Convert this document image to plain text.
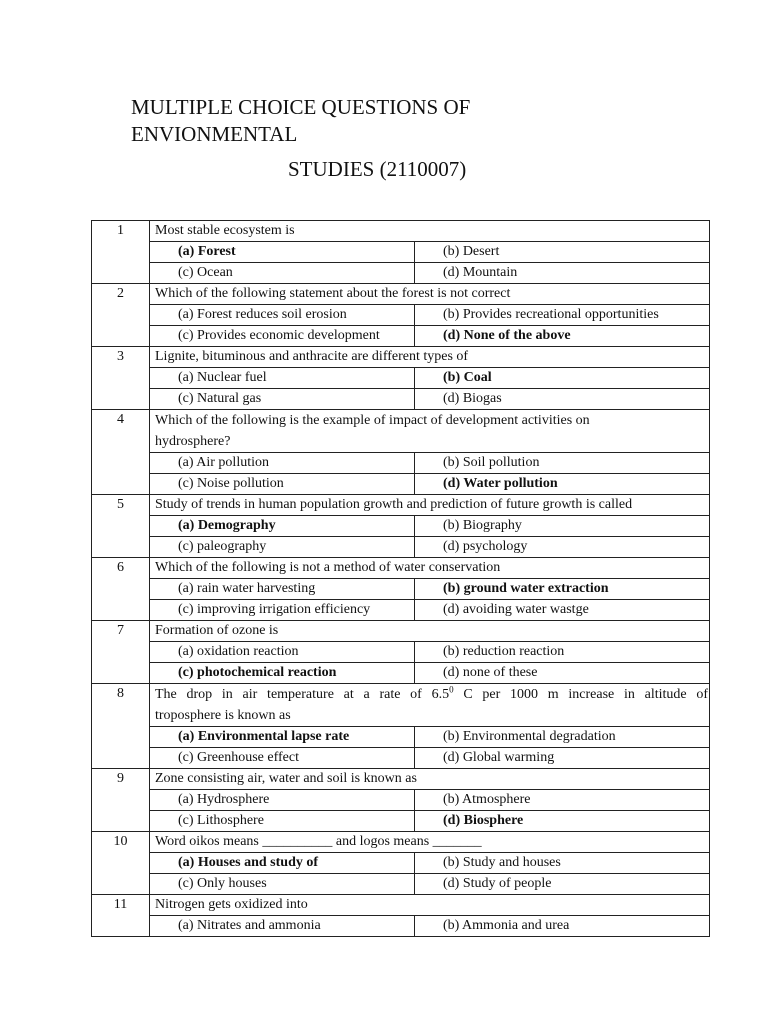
MULTIPLE CHOICE QUESTIONS OF
ENVIONMENTAL
STUDIES (2110007)
1	Most stable ecosystem is	
	(a) Forest	(b) Desert
	(c) Ocean	(d) Mountain
2	Which of the following statement about the forest is not correct	
	(a) Forest reduces soil erosion	(b) Provides recreational opportunities
	(c) Provides economic development	(d) None of the above
3	Lignite, bituminous and anthracite are different types of	
	(a) Nuclear fuel	(b) Coal
	(c) Natural gas	(d) Biogas
4	Which of the following is the example of impact of development activities on
hydrosphere?	
	(a) Air pollution	(b) Soil pollution
	(c) Noise pollution	(d) Water pollution
5	Study of trends in human population growth and prediction of future growth is called	
	(a) Demography	(b) Biography
	(c) paleography	(d) psychology
6	Which of the following is not a method of water conservation	
	(a) rain water harvesting	(b) ground water extraction
	(c) improving irrigation efficiency	(d) avoiding water wastge
7	Formation of ozone is	
	(a) oxidation reaction	(b) reduction reaction
	(c) photochemical reaction	(d) none of these
8	The drop in air temperature at a rate of $6.5^0$ C per 1000 m increase in altitude of
troposphere is known as	

	(a) Environmental lapse rate	(b) Environmental degradation
	(c) Greenhouse effect	(d) Global warming
9	Zone consisting air, water and soil is known as	
	(a) Hydrosphere	(b) Atmosphere
	(c) Lithosphere	(d) Biosphere
10	Word oikos means __________ and logos means _______	
	(a) Houses and study of	(b) Study and houses
	(c) Only houses	(d) Study of people
11	Nitrogen gets oxidized into	
	(a) Nitrates and ammonia	(b) Ammonia and urea
